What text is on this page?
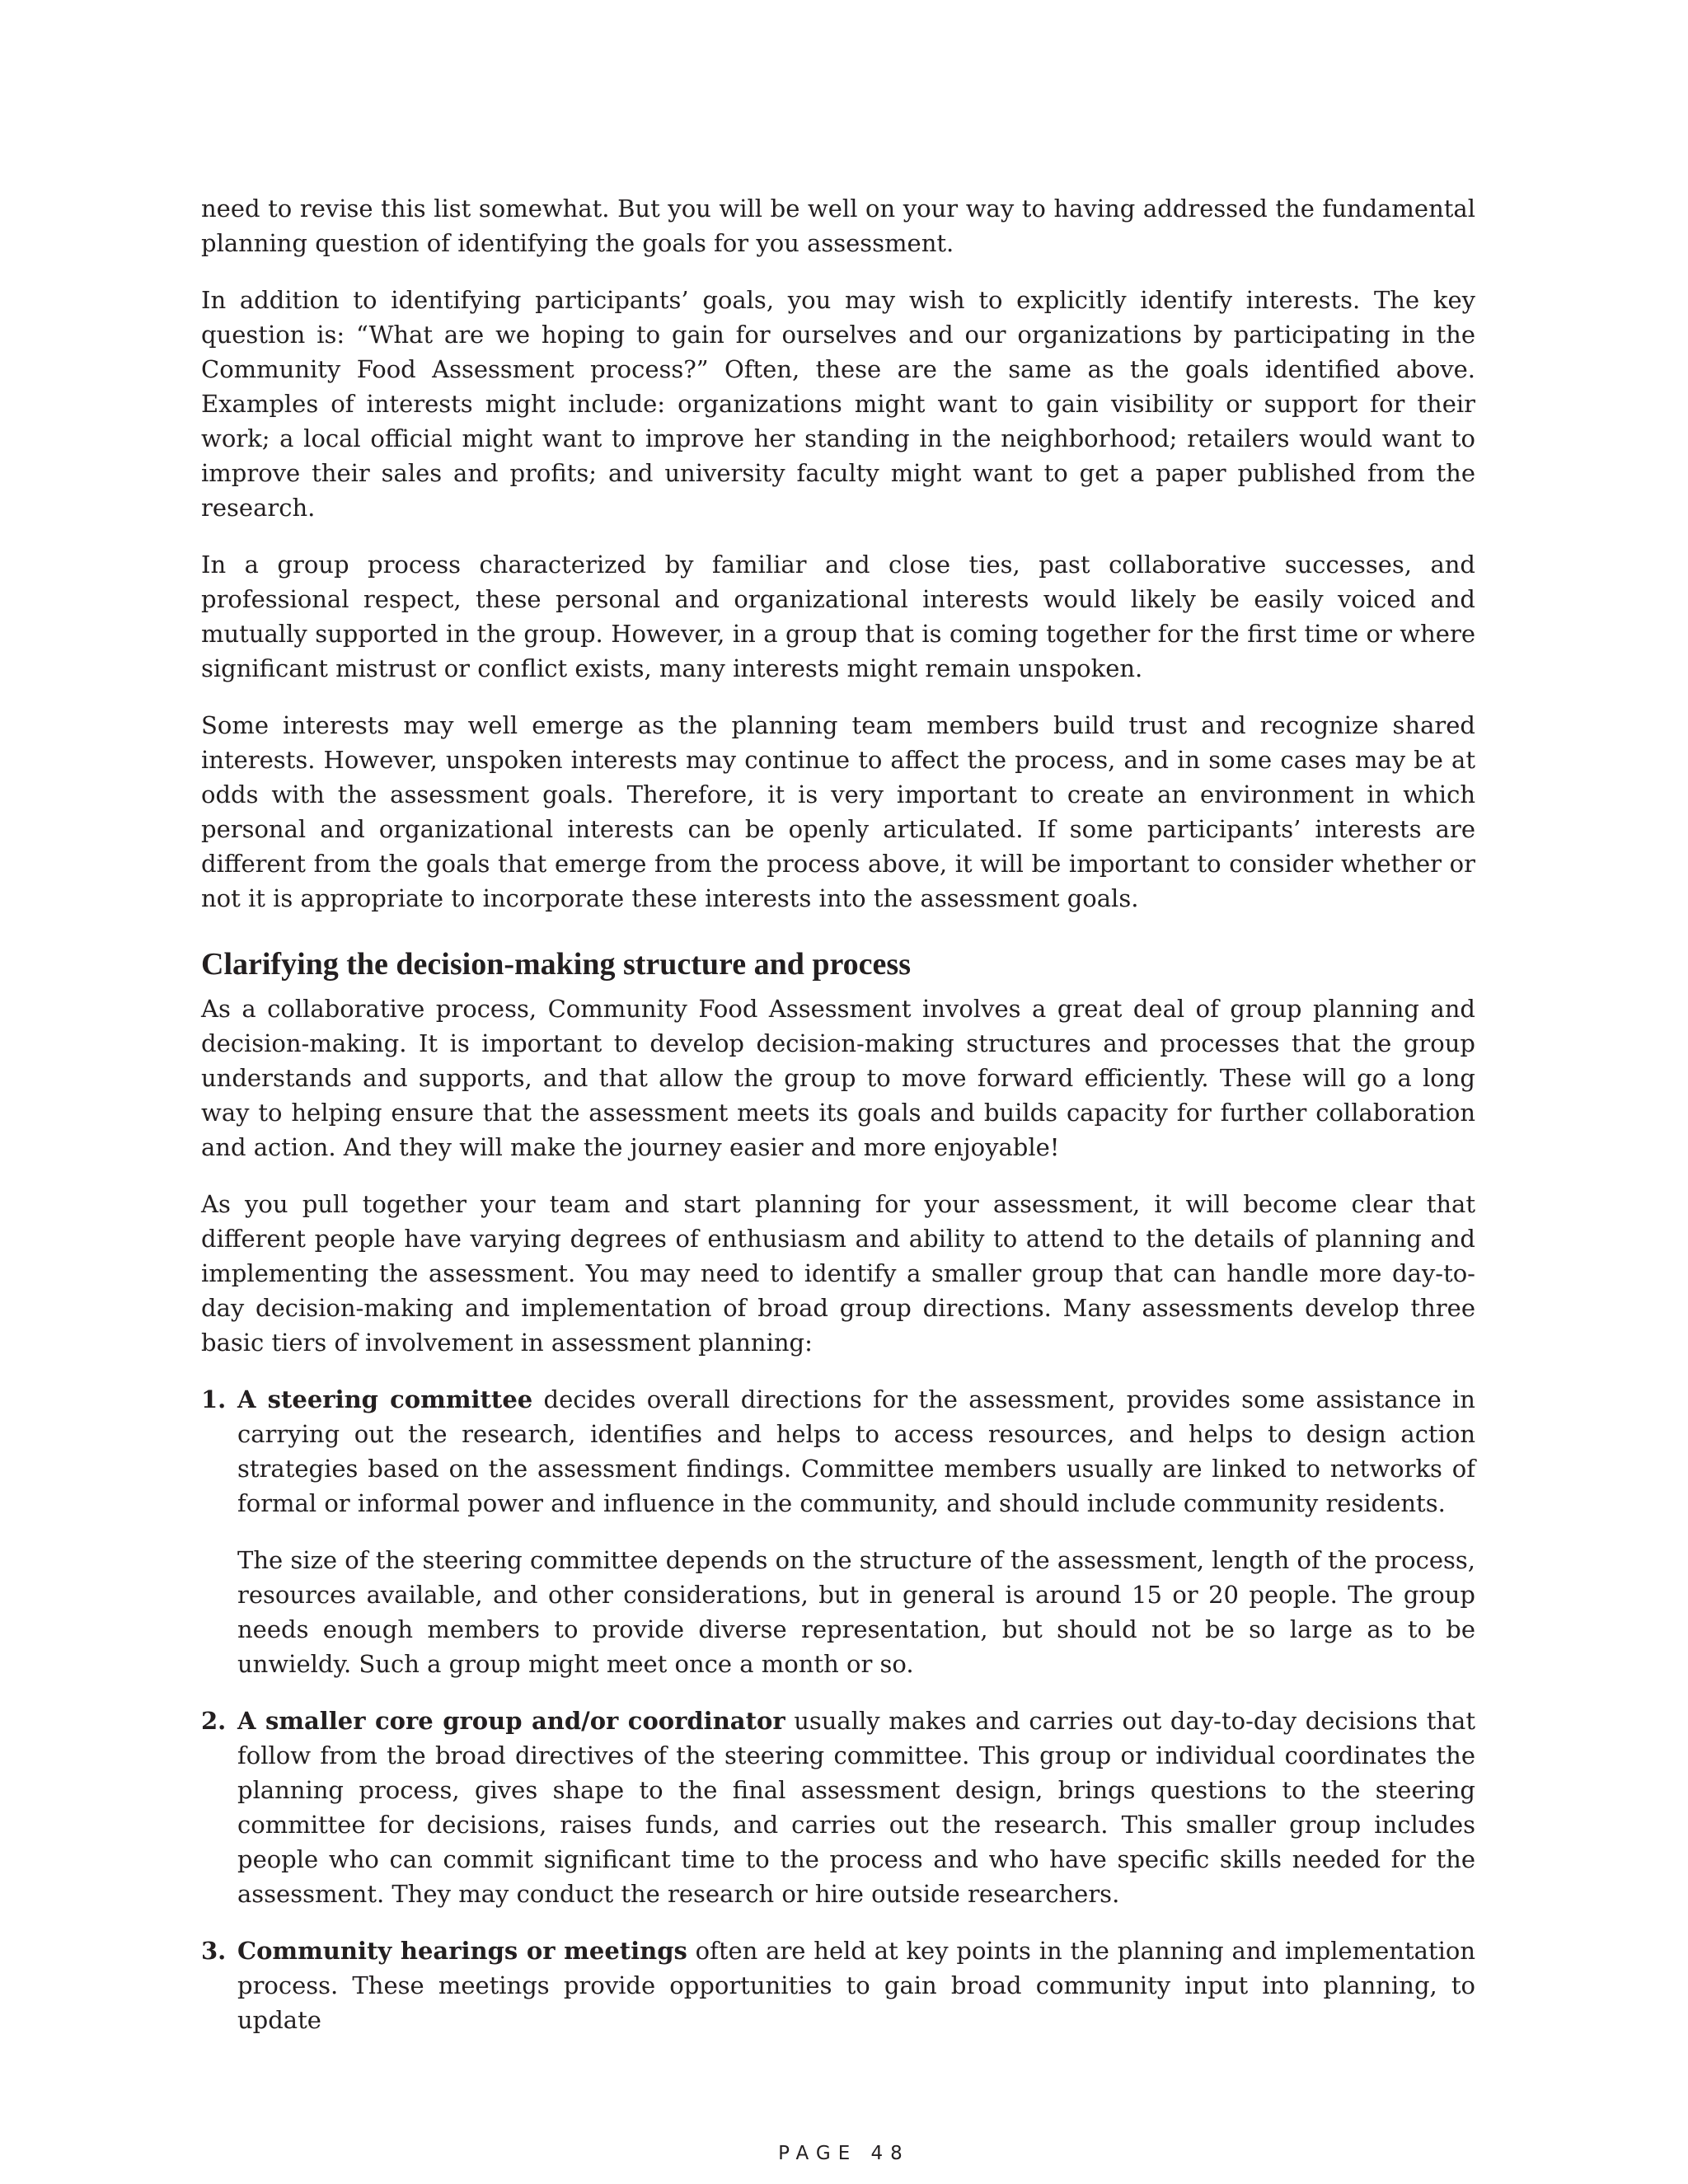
need to revise this list somewhat. But you will be well on your way to having addressed the fundamental planning question of identifying the goals for you assessment.

In addition to identifying participants’ goals, you may wish to explicitly identify interests. The key question is: “What are we hoping to gain for ourselves and our organizations by participating in the Community Food Assessment process?” Often, these are the same as the goals identified above. Examples of interests might include: organizations might want to gain visibility or support for their work; a local official might want to improve her standing in the neighborhood; retailers would want to improve their sales and profits; and university faculty might want to get a paper published from the research.

In a group process characterized by familiar and close ties, past collaborative successes, and professional respect, these personal and organizational interests would likely be easily voiced and mutually supported in the group. However, in a group that is coming together for the first time or where significant mistrust or conflict exists, many interests might remain unspoken.

Some interests may well emerge as the planning team members build trust and recognize shared interests. However, unspoken interests may continue to affect the process, and in some cases may be at odds with the assessment goals. Therefore, it is very important to create an environment in which personal and organizational interests can be openly articulated. If some participants’ interests are different from the goals that emerge from the process above, it will be important to consider whether or not it is appropriate to incorporate these interests into the assessment goals.

Clarifying the decision-making structure and process

As a collaborative process, Community Food Assessment involves a great deal of group planning and decision-making. It is important to develop decision-making structures and processes that the group understands and supports, and that allow the group to move forward efficiently. These will go a long way to helping ensure that the assessment meets its goals and builds capacity for further collaboration and action. And they will make the journey easier and more enjoyable!

As you pull together your team and start planning for your assessment, it will become clear that different people have varying degrees of enthusiasm and ability to attend to the details of planning and implementing the assessment. You may need to identify a smaller group that can handle more day-to-day decision-making and implementation of broad group directions. Many assessments develop three basic tiers of involvement in assessment planning:

1. A steering committee decides overall directions for the assessment, provides some assistance in carrying out the research, identifies and helps to access resources, and helps to design action strategies based on the assessment findings. Committee members usually are linked to networks of formal or informal power and influence in the community, and should include community residents.

The size of the steering committee depends on the structure of the assessment, length of the process, resources available, and other considerations, but in general is around 15 or 20 people. The group needs enough members to provide diverse representation, but should not be so large as to be unwieldy. Such a group might meet once a month or so.

2. A smaller core group and/or coordinator usually makes and carries out day-to-day decisions that follow from the broad directives of the steering committee. This group or individual coordinates the planning process, gives shape to the final assessment design, brings questions to the steering committee for decisions, raises funds, and carries out the research. This smaller group includes people who can commit significant time to the process and who have specific skills needed for the assessment. They may conduct the research or hire outside researchers.

3. Community hearings or meetings often are held at key points in the planning and implementation process. These meetings provide opportunities to gain broad community input into planning, to update

PAGE 48
